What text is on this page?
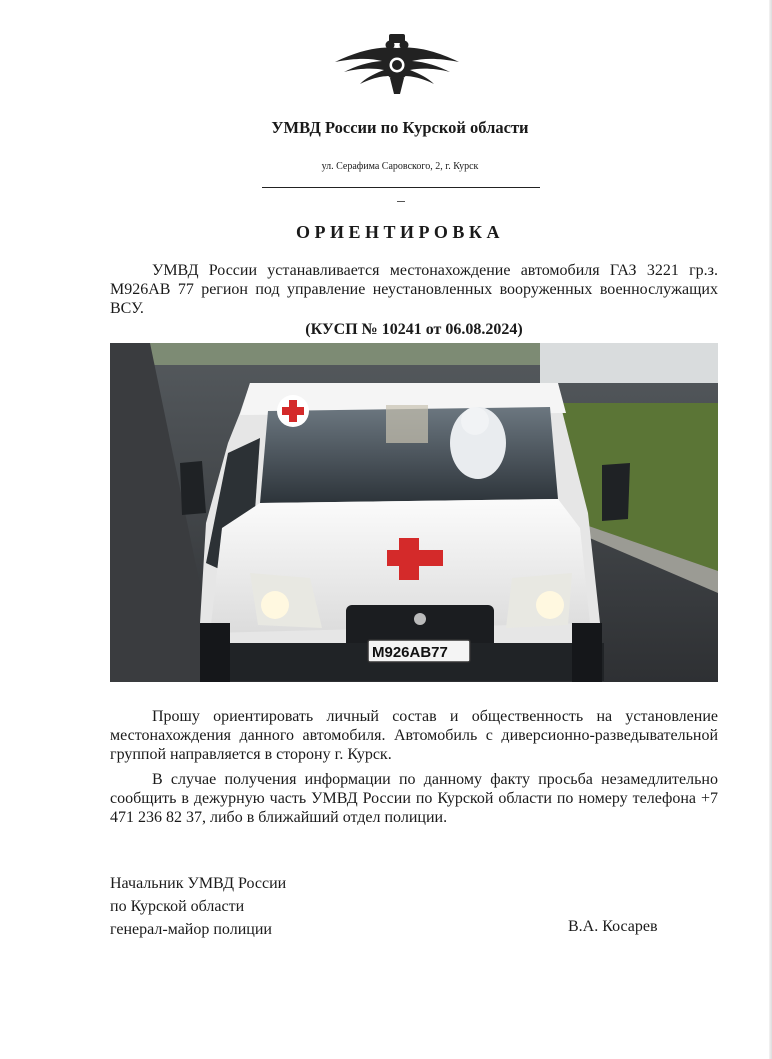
УМВД России по Курской области
ул. Серафима Саровского, 2, г. Курск
ОРИЕНТИРОВКА
УМВД России устанавливается местонахождение автомобиля ГАЗ 3221 гр.з. М926АВ 77 регион под управление неустановленных вооруженных военнослужащих ВСУ.
(КУСП № 10241 от 06.08.2024)
М926АВ77
Прошу ориентировать личный состав и общественность на установление местонахождения данного автомобиля. Автомобиль с диверсионно-разведывательной группой направляется в сторону г. Курск.
В случае получения информации по данному факту просьба незамедлительно сообщить в дежурную часть УМВД России по Курской области по номеру телефона +7 471 236 82 37, либо в ближайший отдел полиции.
Начальник УМВД России
по Курской области
генерал-майор полиции	В.А. Косарев
